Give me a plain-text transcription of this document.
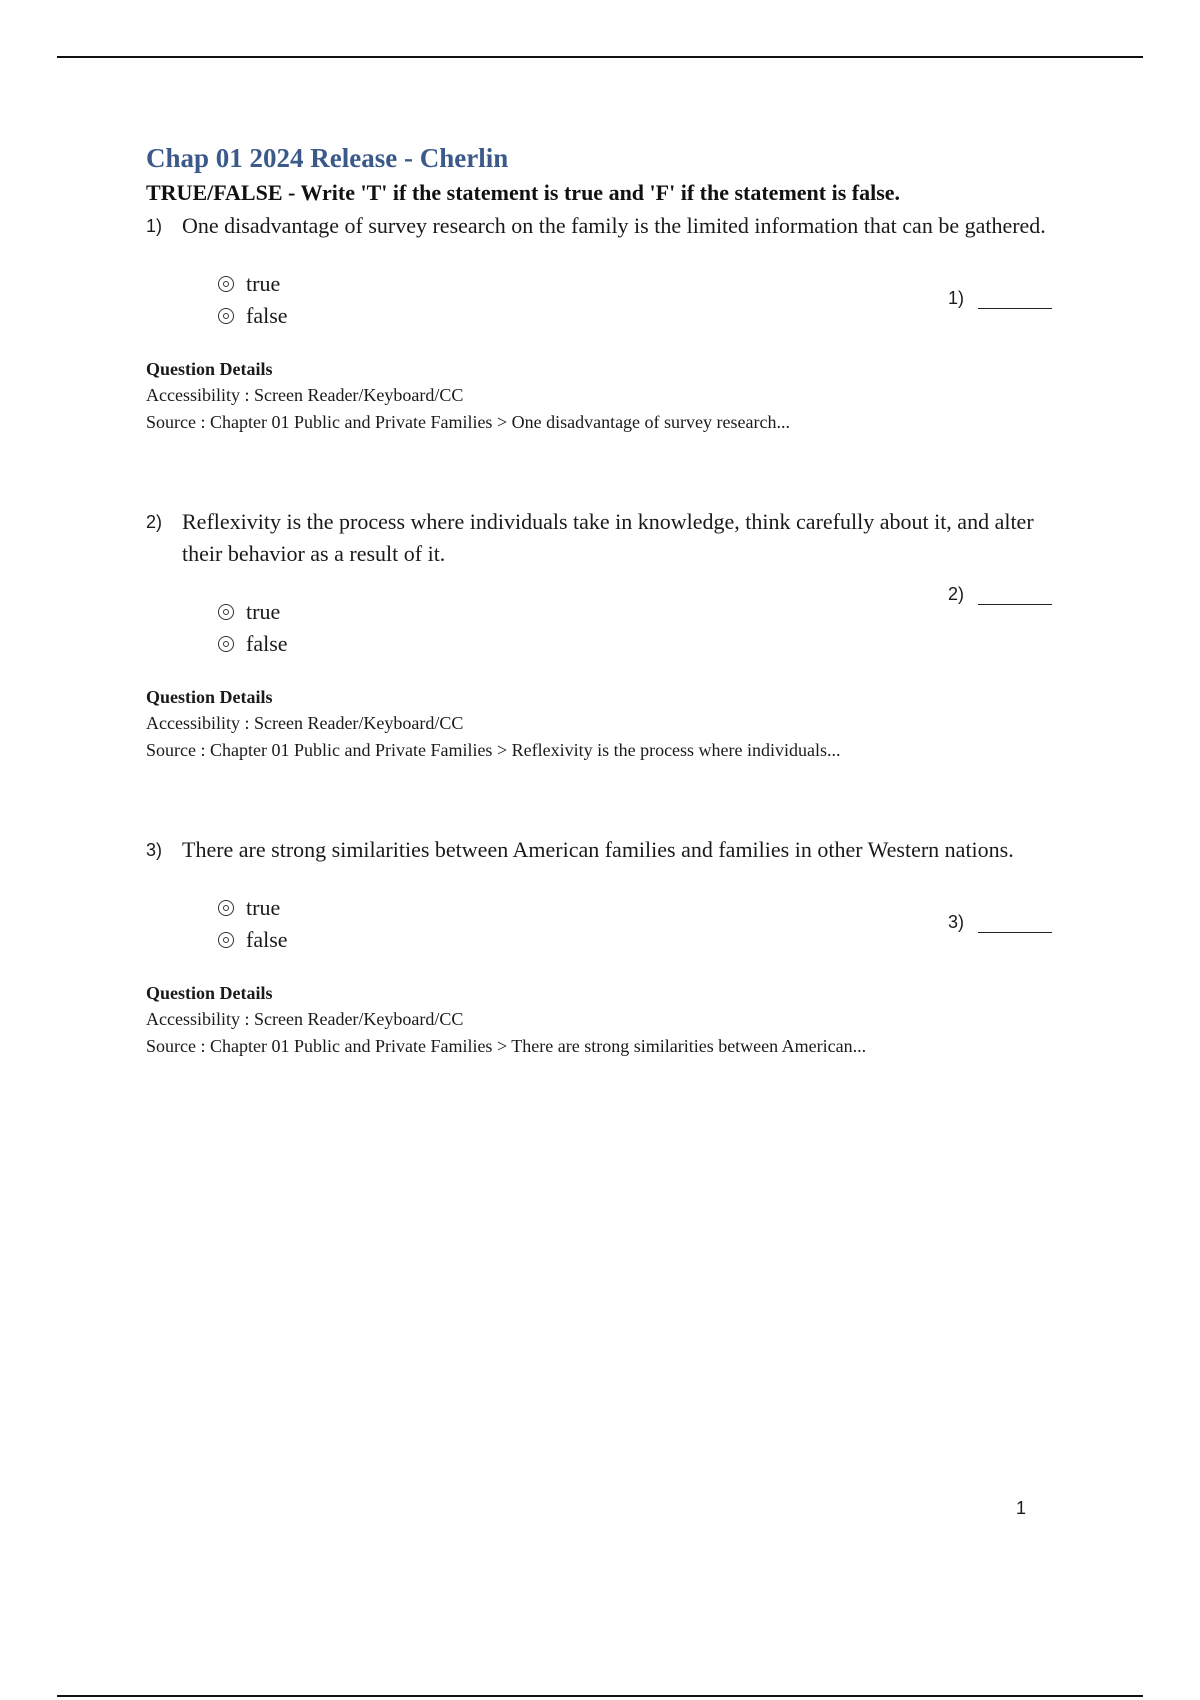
Chap 01 2024 Release - Cherlin
TRUE/FALSE - Write 'T' if the statement is true and 'F' if the statement is false.
1) One disadvantage of survey research on the family is the limited information that can be gathered.
1)
true
false
Question Details
Accessibility : Screen Reader/Keyboard/CC
Source : Chapter 01 Public and Private Families > One disadvantage of survey research...
2) Reflexivity is the process where individuals take in knowledge, think carefully about it, and alter their behavior as a result of it.
2)
true
false
Question Details
Accessibility : Screen Reader/Keyboard/CC
Source : Chapter 01 Public and Private Families > Reflexivity is the process where individuals...
3) There are strong similarities between American families and families in other Western nations.
3)
true
false
Question Details
Accessibility : Screen Reader/Keyboard/CC
Source : Chapter 01 Public and Private Families > There are strong similarities between American...
1
